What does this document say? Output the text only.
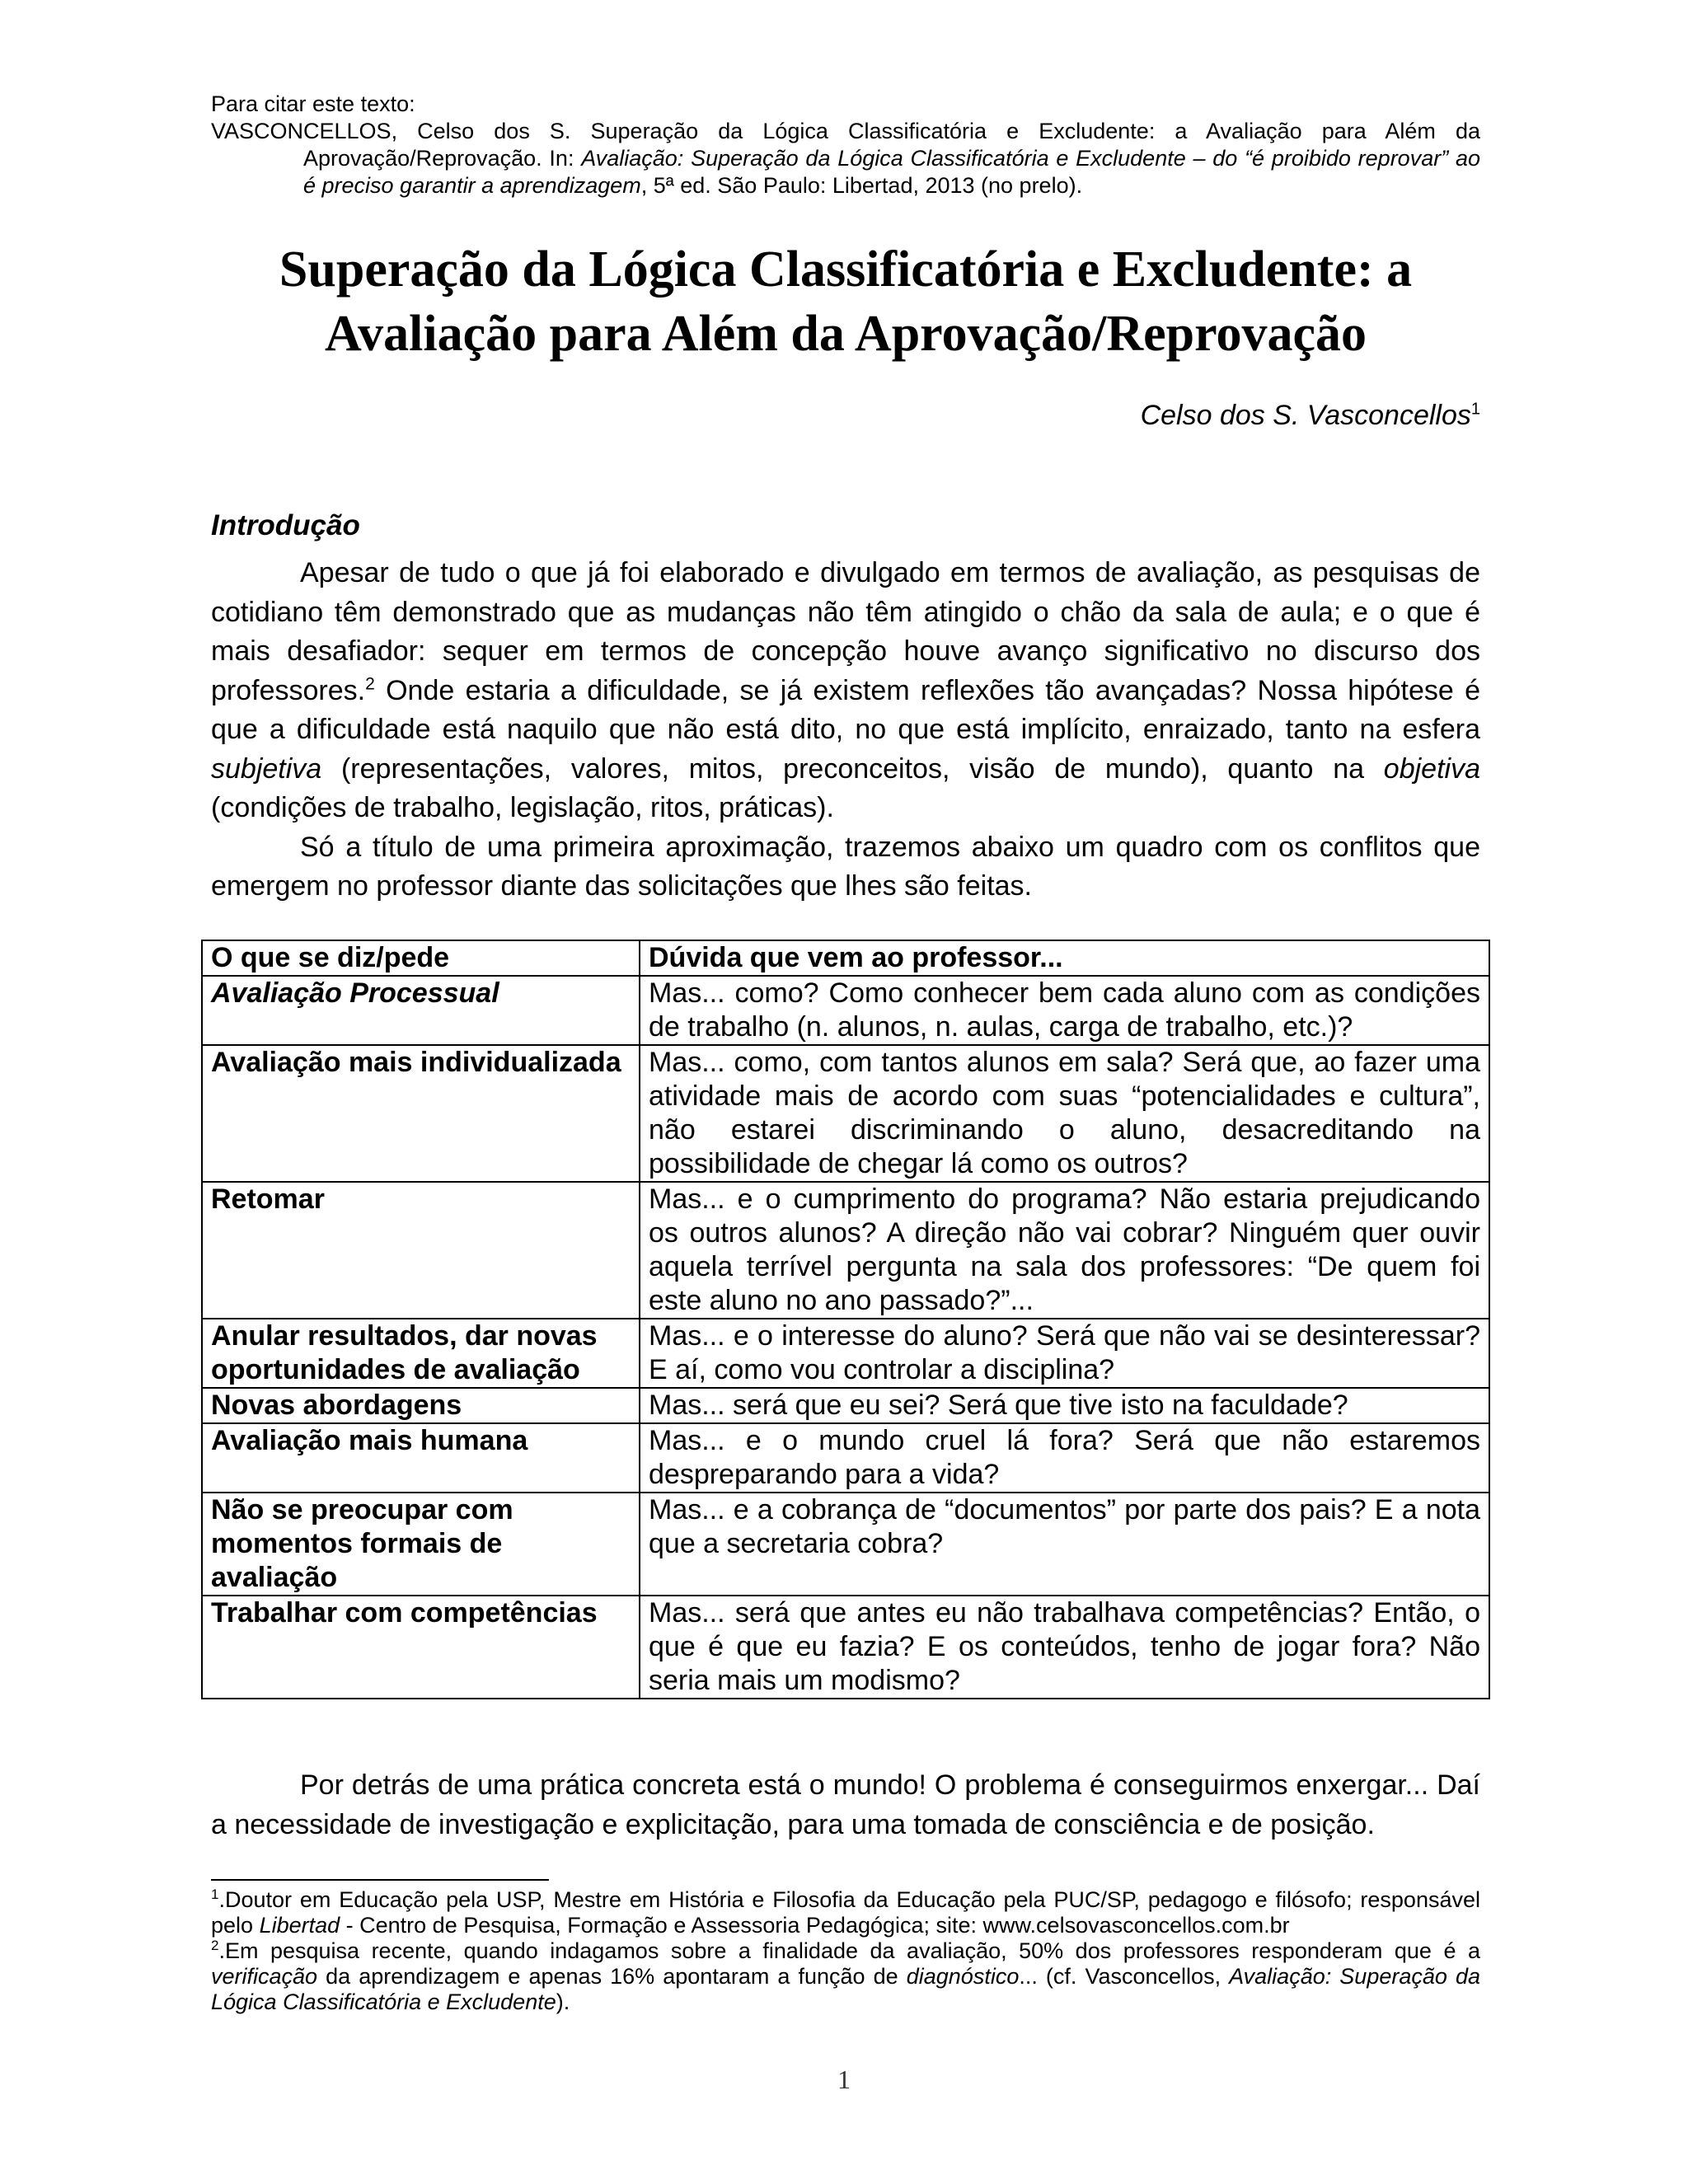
Para citar este texto:
VASCONCELLOS, Celso dos S. Superação da Lógica Classificatória e Excludente: a Avaliação para Além da Aprovação/Reprovação. In: Avaliação: Superação da Lógica Classificatória e Excludente – do “é proibido reprovar” ao é preciso garantir a aprendizagem, 5ª ed. São Paulo: Libertad, 2013 (no prelo).
Superação da Lógica Classificatória e Excludente: a
Avaliação para Além da Aprovação/Reprovação
Celso dos S. Vasconcellos$^1$
Introdução

Apesar de tudo o que já foi elaborado e divulgado em termos de avaliação, as pesquisas de cotidiano têm demonstrado que as mudanças não têm atingido o chão da sala de aula; e o que é mais desafiador: sequer em termos de concepção houve avanço significativo no discurso dos professores.$^2$ Onde estaria a dificuldade, se já existem reflexões tão avançadas? Nossa hipótese é que a dificuldade está naquilo que não está dito, no que está implícito, enraizado, tanto na esfera subjetiva (representações, valores, mitos, preconceitos, visão de mundo), quanto na objetiva (condições de trabalho, legislação, ritos, práticas).

Só a título de uma primeira aproximação, trazemos abaixo um quadro com os conflitos que emergem no professor diante das solicitações que lhes são feitas.

O que se diz/pede	Dúvida que vem ao professor...
Avaliação Processual	Mas... como? Como conhecer bem cada aluno com as condições de trabalho (n. alunos, n. aulas, carga de trabalho, etc.)?
Avaliação mais individualizada	Mas... como, com tantos alunos em sala? Será que, ao fazer uma atividade mais de acordo com suas “potencialidades e cultura”, não estarei discriminando o aluno, desacreditando na possibilidade de chegar lá como os outros?
Retomar	Mas... e o cumprimento do programa? Não estaria prejudicando os outros alunos? A direção não vai cobrar? Ninguém quer ouvir aquela terrível pergunta na sala dos professores: “De quem foi este aluno no ano passado?”...
Anular resultados, dar novas oportunidades de avaliação	Mas... e o interesse do aluno? Será que não vai se desinteressar? E aí, como vou controlar a disciplina?
Novas abordagens	Mas... será que eu sei? Será que tive isto na faculdade?
Avaliação mais humana	Mas... e o mundo cruel lá fora? Será que não estaremos despreparando para a vida?
Não se preocupar com momentos formais de avaliação	Mas... e a cobrança de “documentos” por parte dos pais? E a nota que a secretaria cobra?
Trabalhar com competências	Mas... será que antes eu não trabalhava competências? Então, o que é que eu fazia? E os conteúdos, tenho de jogar fora? Não seria mais um modismo?

Por detrás de uma prática concreta está o mundo! O problema é conseguirmos enxergar... Daí a necessidade de investigação e explicitação, para uma tomada de consciência e de posição.

$^1$.Doutor em Educação pela USP, Mestre em História e Filosofia da Educação pela PUC/SP, pedagogo e filósofo; responsável pelo Libertad - Centro de Pesquisa, Formação e Assessoria Pedagógica; site: www.celsovasconcellos.com.br

$^2$.Em pesquisa recente, quando indagamos sobre a finalidade da avaliação, 50% dos professores responderam que é a verificação da aprendizagem e apenas 16% apontaram a função de diagnóstico... (cf. Vasconcellos, Avaliação: Superação da Lógica Classificatória e Excludente).

1
